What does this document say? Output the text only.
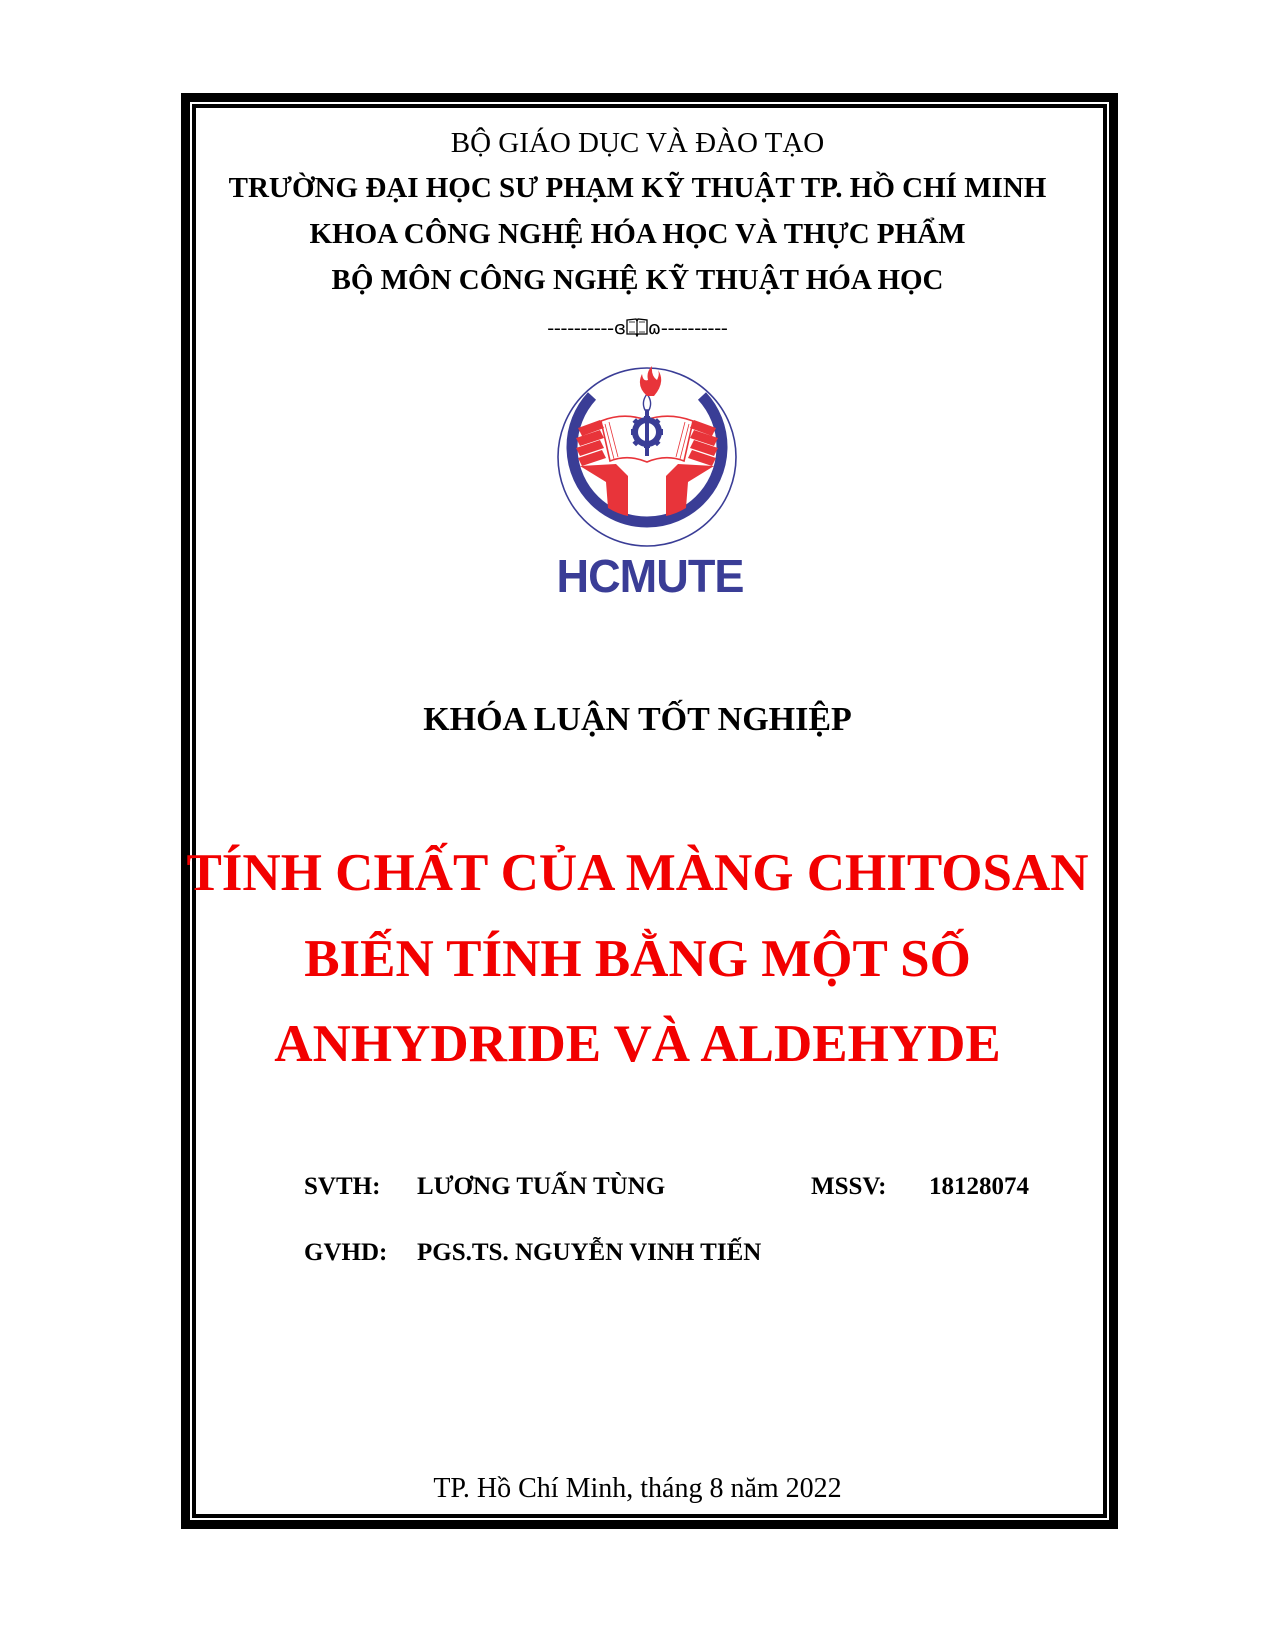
BỘ GIÁO DỤC VÀ ĐÀO TẠO
TRƯỜNG ĐẠI HỌC SƯ PHẠM KỸ THUẬT TP. HỒ CHÍ MINH
KHOA CÔNG NGHỆ HÓA HỌC VÀ THỰC PHẨM
BỘ MÔN CÔNG NGHỆ KỸ THUẬT HÓA HỌC
----------ɞ ɷ----------
HCMUTE
KHÓA LUẬN TỐT NGHIỆP
TÍNH CHẤT CỦA MÀNG CHITOSAN
BIẾN TÍNH BẰNG MỘT SỐ
ANHYDRIDE VÀ ALDEHYDE
SVTH: LƯƠNG TUẤN TÙNG	MSSV: 18128074
GVHD: PGS.TS. NGUYỄN VINH TIẾN
TP. Hồ Chí Minh, tháng 8 năm 2022
